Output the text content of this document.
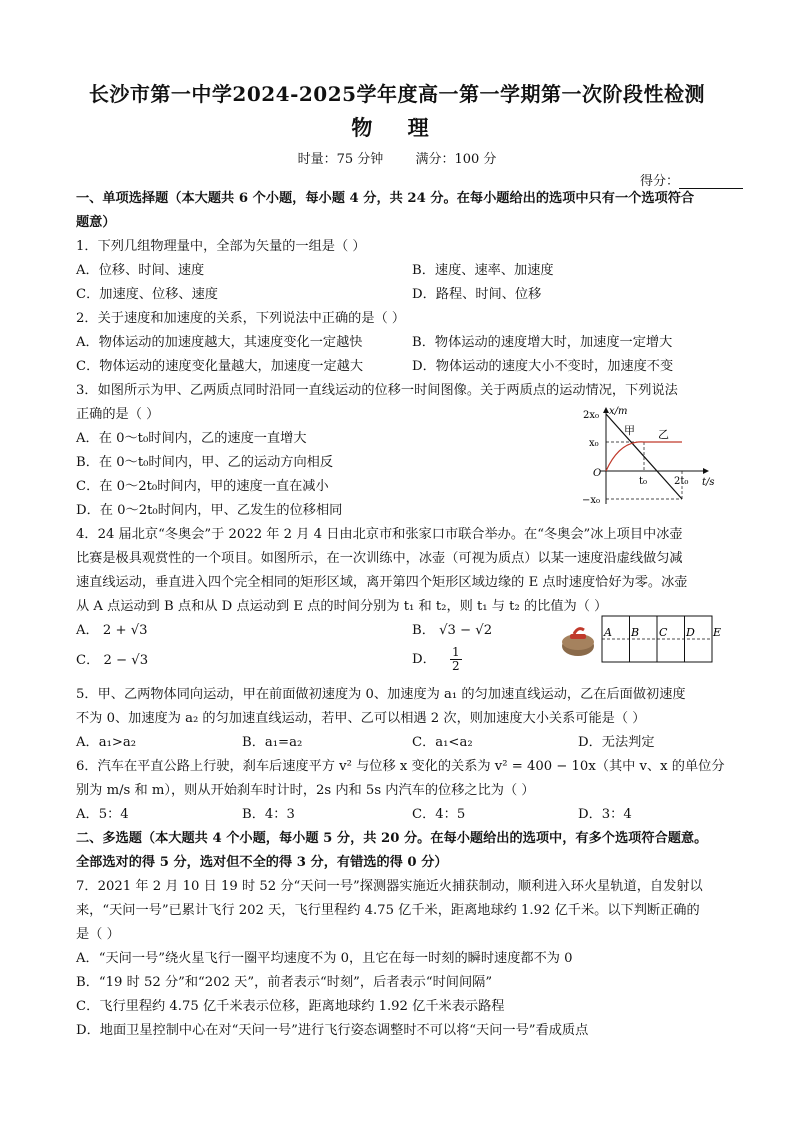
长沙市第一中学2024-2025学年度高一第一学期第一次阶段性检测
物 理
时量：75 分钟 满分：100 分
得分：
一、单项选择题（本大题共 6 个小题，每小题 4 分，共 24 分。在每小题给出的选项中只有一个选项符合
题意）
1．下列几组物理量中，全部为矢量的一组是（ ）
A．位移、时间、速度	B．速度、速率、加速度
C．加速度、位移、速度	D．路程、时间、位移
2．关于速度和加速度的关系，下列说法中正确的是（ ）
A．物体运动的加速度越大，其速度变化一定越快	B．物体运动的速度增大时，加速度一定增大
C．物体运动的速度变化量越大，加速度一定越大	D．物体运动的速度大小不变时，加速度不变
3．如图所示为甲、乙两质点同时沿同一直线运动的位移一时间图像。关于两质点的运动情况，下列说法
正确的是（ ）
A．在 0～t₀时间内，乙的速度一直增大
B．在 0～t₀时间内，甲、乙的运动方向相反
C．在 0～2t₀时间内，甲的速度一直在减小
D．在 0～2t₀时间内，甲、乙发生的位移相同
x/m
t/s
2x₀
x₀
−x₀
O
t₀	2t₀
甲 乙
4．24 届北京“冬奥会”于 2022 年 2 月 4 日由北京市和张家口市联合举办。在“冬奥会”冰上项目中冰壶
比赛是极具观赏性的一个项目。如图所示，在一次训练中，冰壶（可视为质点）以某一速度沿虚线做匀减
速直线运动，垂直进入四个完全相同的矩形区域，离开第四个矩形区域边缘的 E 点时速度恰好为零。冰壶
从 A 点运动到 B 点和从 D 点运动到 E 点的时间分别为 t₁ 和 t₂，则 t₁ 与 t₂ 的比值为（ ）
A． 2 + √3	B． √3 − √2
C． 2 − √3	D． $\frac{1}{2}$
A B C D E
5．甲、乙两物体同向运动，甲在前面做初速度为 0、加速度为 a₁ 的匀加速直线运动，乙在后面做初速度
不为 0、加速度为 a₂ 的匀加速直线运动，若甲、乙可以相遇 2 次，则加速度大小关系可能是（ ）
A．a₁>a₂	B．a₁=a₂	C．a₁<a₂	D．无法判定
6．汽车在平直公路上行驶，刹车后速度平方 v² 与位移 x 变化的关系为 v² = 400 − 10x（其中 v、x 的单位分
别为 m/s 和 m），则从开始刹车时计时，2s 内和 5s 内汽车的位移之比为（ ）
A．5：4	B．4：3	C．4：5	D．3：4
二、多选题（本大题共 4 个小题，每小题 5 分，共 20 分。在每小题给出的选项中，有多个选项符合题意。
全部选对的得 5 分，选对但不全的得 3 分，有错选的得 0 分）
7．2021 年 2 月 10 日 19 时 52 分“天问一号”探测器实施近火捕获制动，顺利进入环火星轨道，自发射以
来，“天问一号”已累计飞行 202 天，飞行里程约 4.75 亿千米，距离地球约 1.92 亿千米。以下判断正确的
是（ ）
A．“天问一号”绕火星飞行一圈平均速度不为 0，且它在每一时刻的瞬时速度都不为 0
B．“19 时 52 分”和“202 天”，前者表示“时刻”，后者表示“时间间隔”
C．飞行里程约 4.75 亿千米表示位移，距离地球约 1.92 亿千米表示路程
D．地面卫星控制中心在对“天问一号”进行飞行姿态调整时不可以将“天问一号”看成质点
